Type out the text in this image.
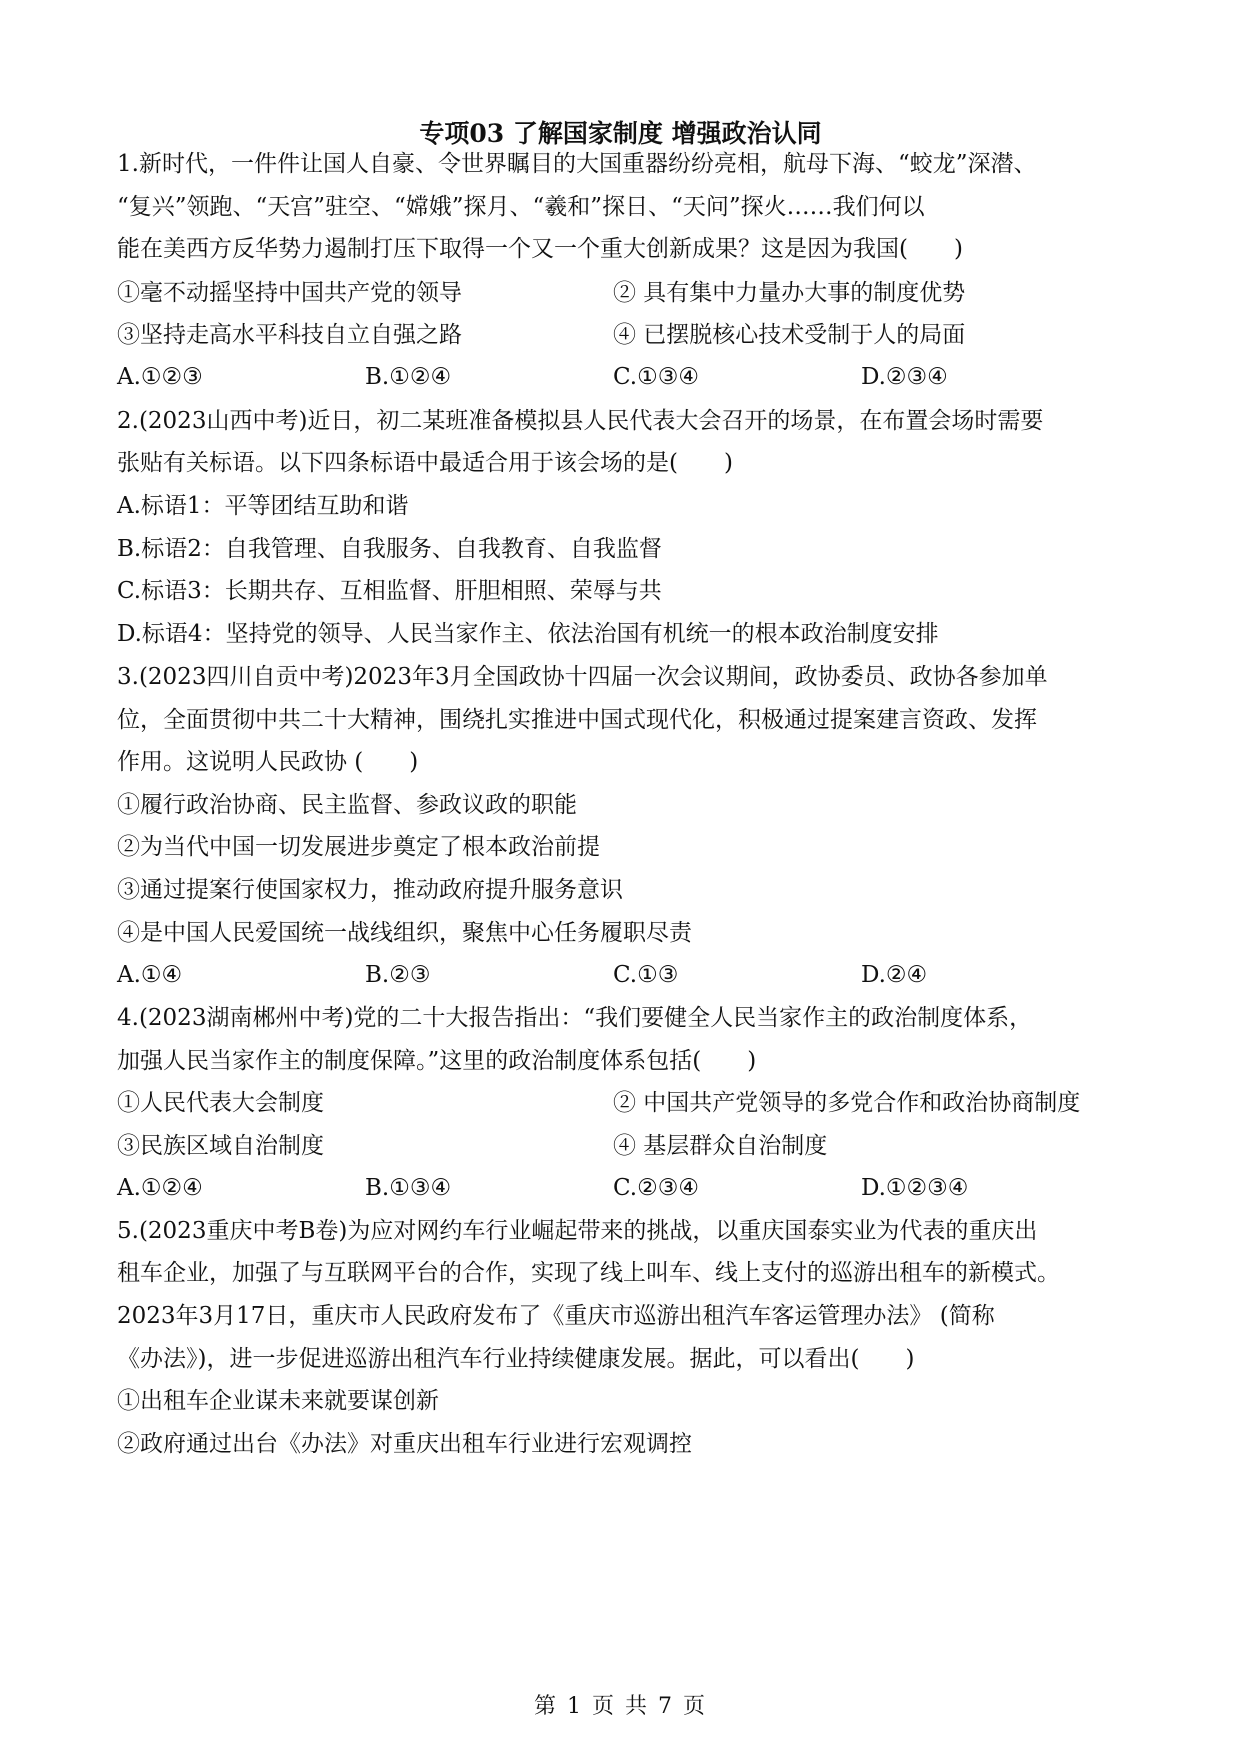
专项03 了解国家制度 增强政治认同
1.新时代，一件件让国人自豪、令世界瞩目的大国重器纷纷亮相，航母下海、“蛟龙”深潜、
“复兴”领跑、“天宫”驻空、“嫦娥”探月、“羲和”探日、“天问”探火……我们何以
能在美西方反华势力遏制打压下取得一个又一个重大创新成果？这是因为我国(　　)
①毫不动摇坚持中国共产党的领导	② 具有集中力量办大事的制度优势
③坚持走高水平科技自立自强之路	④ 已摆脱核心技术受制于人的局面
A.①②③	B.①②④	C.①③④	D.②③④
2.(2023山西中考)近日，初二某班准备模拟县人民代表大会召开的场景，在布置会场时需要
张贴有关标语。以下四条标语中最适合用于该会场的是(　　)
A.标语1：平等团结互助和谐
B.标语2：自我管理、自我服务、自我教育、自我监督
C.标语3：长期共存、互相监督、肝胆相照、荣辱与共
D.标语4：坚持党的领导、人民当家作主、依法治国有机统一的根本政治制度安排
3.(2023四川自贡中考)2023年3月全国政协十四届一次会议期间，政协委员、政协各参加单
位，全面贯彻中共二十大精神，围绕扎实推进中国式现代化，积极通过提案建言资政、发挥
作用。这说明人民政协 (　　)
①履行政治协商、民主监督、参政议政的职能
②为当代中国一切发展进步奠定了根本政治前提
③通过提案行使国家权力，推动政府提升服务意识
④是中国人民爱国统一战线组织，聚焦中心任务履职尽责
A.①④	B.②③	C.①③	D.②④
4.(2023湖南郴州中考)党的二十大报告指出：“我们要健全人民当家作主的政治制度体系，
加强人民当家作主的制度保障。”这里的政治制度体系包括(　　)
①人民代表大会制度	② 中国共产党领导的多党合作和政治协商制度
③民族区域自治制度	④ 基层群众自治制度
A.①②④	B.①③④	C.②③④	D.①②③④
5.(2023重庆中考B卷)为应对网约车行业崛起带来的挑战，以重庆国泰实业为代表的重庆出
租车企业，加强了与互联网平台的合作，实现了线上叫车、线上支付的巡游出租车的新模式。
2023年3月17日，重庆市人民政府发布了《重庆市巡游出租汽车客运管理办法》 (简称
《办法》)，进一步促进巡游出租汽车行业持续健康发展。据此，可以看出(　　)
①出租车企业谋未来就要谋创新
②政府通过出台《办法》对重庆出租车行业进行宏观调控
第 1 页 共 7 页
